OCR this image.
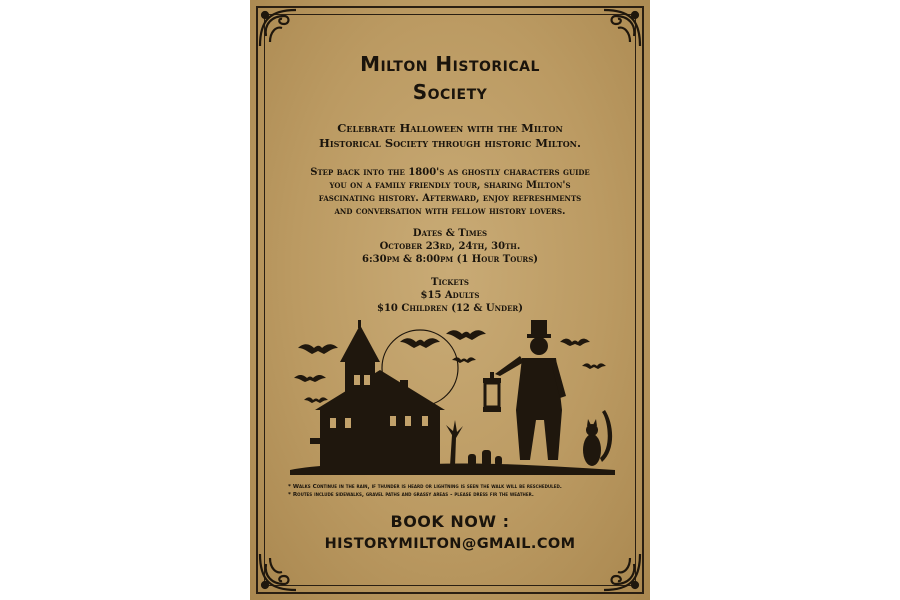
Milton Historical
Society
Celebrate Halloween with the Milton
Historical Society through historic Milton.
Step back into the 1800's as ghostly characters guide
you on a family friendly tour, sharing Milton's
fascinating history. Afterward, enjoy refreshments
and conversation with fellow history lovers.
Dates & Times
October 23rd, 24th, 30th.
6:30pm & 8:00pm (1 Hour Tours)
Tickets
$15 Adults
$10 Children (12 & Under)
* Walks Continue in the rain, if thunder is heard or lightning is seen the walk will be rescheduled.
* Routes include sidewalks, gravel paths and grassy areas - please dress fir the weather.
BOOK NOW :
HISTORYMILTON@GMAIL.COM
